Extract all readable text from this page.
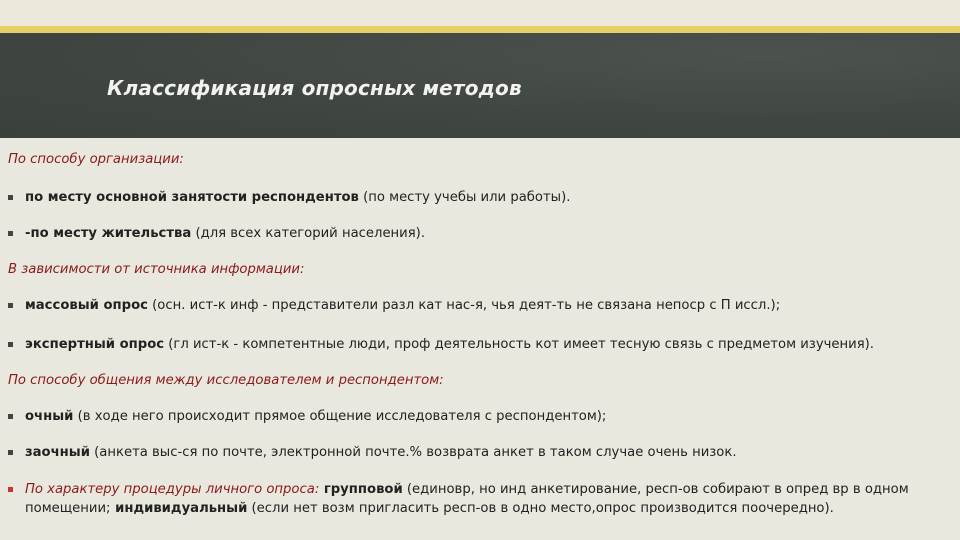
Классификация опросных методов
По способу организации:
по месту основной занятости респондентов (по месту учебы или работы).
-по месту жительства (для всех категорий населения).
В зависимости от источника информации:
массовый опрос (осн. ист-к инф - представители разл кат нас-я, чья деят-ть не связана непоср с П иссл.);
экспертный опрос (гл ист-к - компетентные люди, проф деятельность кот имеет тесную связь с предметом изучения).
По способу общения между исследователем и респондентом:
очный (в ходе него происходит прямое общение исследователя с респондентом);
заочный (анкета выс-ся по почте, электронной почте.% возврата анкет в таком случае очень низок.
По характеру процедуры личного опроса: групповой (единовр, но инд анкетирование, респ-ов собирают в опред вр в одном помещении; индивидуальный (если нет возм пригласить респ-ов в одно место,опрос производится поочередно).
